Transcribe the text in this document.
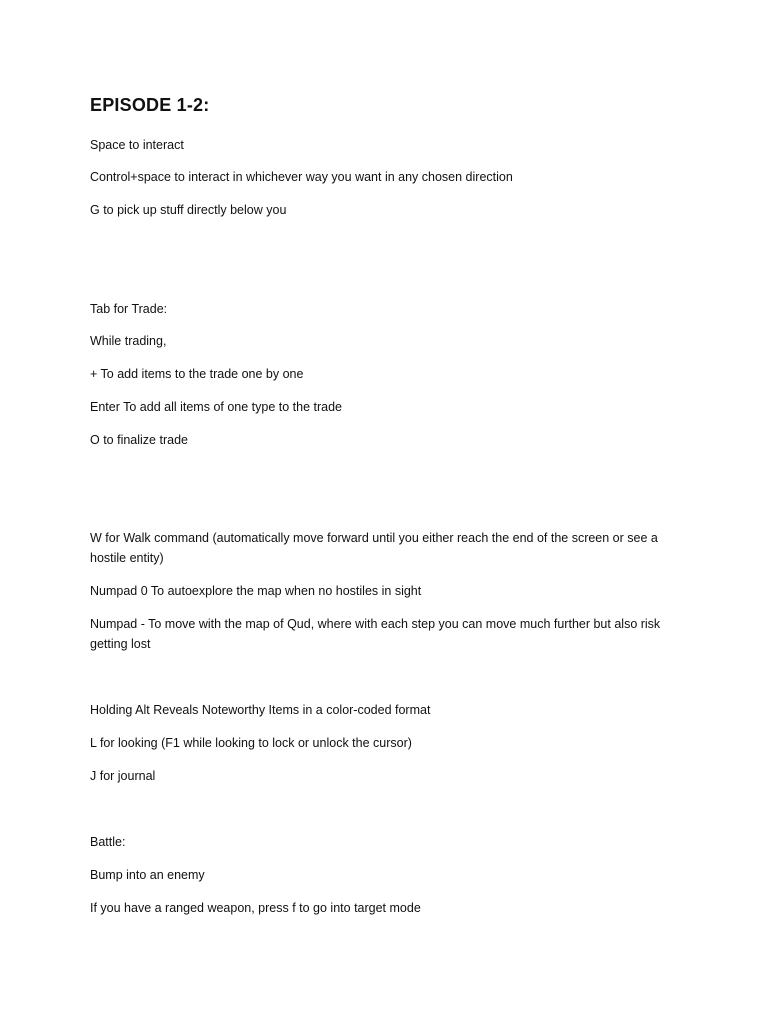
EPISODE 1-2:

Space to interact

Control+space to interact in whichever way you want in any chosen direction

G to pick up stuff directly below you

Tab for Trade:

While trading,

+ To add items to the trade one by one

Enter To add all items of one type to the trade

O to finalize trade

W for Walk command (automatically move forward until you either reach the end of the screen or see a hostile entity)

Numpad 0 To autoexplore the map when no hostiles in sight

Numpad - To move with the map of Qud, where with each step you can move much further but also risk getting lost

Holding Alt Reveals Noteworthy Items in a color-coded format

L for looking (F1 while looking to lock or unlock the cursor)

J for journal

Battle:

Bump into an enemy

If you have a ranged weapon, press f to go into target mode
